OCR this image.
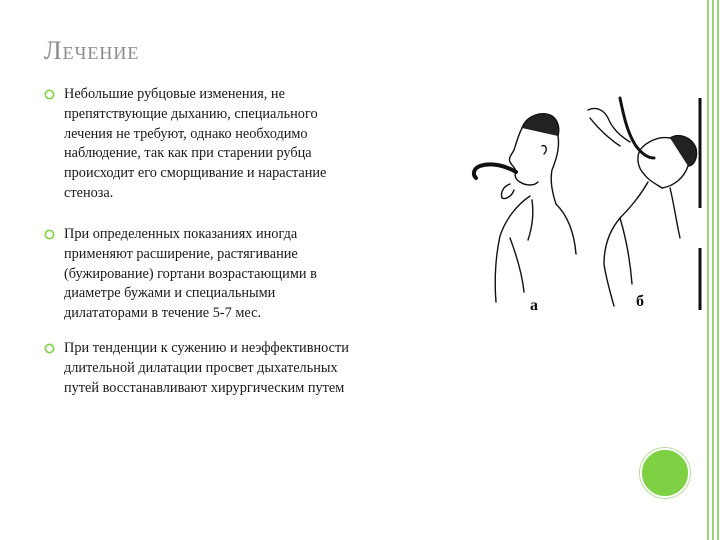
Лечение
Небольшие рубцовые изменения, не
препятствующие дыханию, специального
лечения не требуют, однако необходимо
наблюдение, так как при старении рубца
происходит его сморщивание и нарастание
стеноза.
При определенных показаниях иногда
применяют расширение, растягивание
(бужирование) гортани возрастающими в
диаметре бужами и специальными
дилататорами в течение 5-7 мес.
При тенденции к сужению и неэффективности
длительной дилатации просвет дыхательных
путей восстанавливают хирургическим путем
а	б
